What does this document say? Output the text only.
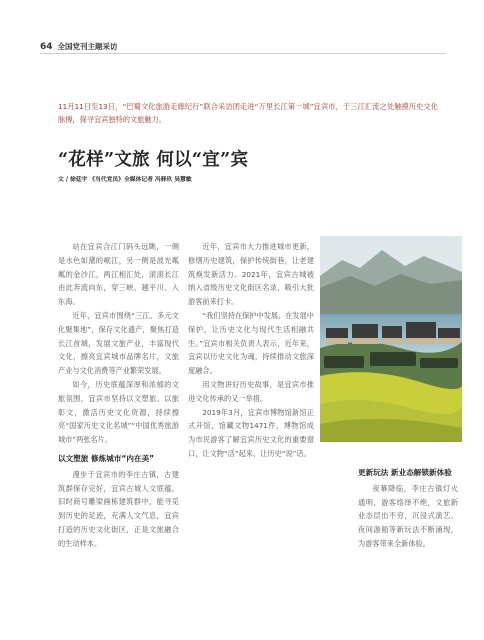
64 全国党刊主题采访
11月11日至13日，“巴蜀文化旅游走廊纪行”联合采访团走进“万里长江第一城”宜宾市，于三江汇流之处触摸历史文化脉搏，探寻宜宾独特的文旅魅力。
“花样”文旅 何以“宜”宾
文 / 徐廷宇 《当代党员》全媒体记者 冯驿玖 吴慧敏

站在宜宾合江门码头远眺，一侧是水色如黛的岷江，另一侧是波光粼粼的金沙江，两江相汇处，滚滚长江由此奔流向东，穿三峡、越平川、入东海。

近年，宜宾市围绕“三江、多元文化聚集地”，保存文化遗产，聚焦打造长江首城，发展文旅产业，丰富现代文化，擦亮宜宾城市品牌名片，文旅产业与文化消费等产业繁荣发展。

如今，历史底蕴深厚和浓郁的文旅氛围，宜宾市坚持以文塑旅、以旅彰文，激活历史文化资源，持续擦亮“国家历史文化名城”“中国优秀旅游城市”两张名片。

以文塑旅 修炼城市“内在美”

漫步于宜宾市的李庄古镇，古建筑群保存完好，宜宾古城人文底蕴，旧时商号雕梁画栋建筑群中，能寻觅到历史的足迹，充满人文气息，宜宾打造的历史文化街区，正是文旅融合的生动样本。

近年，宜宾市大力推进城市更新，修缮历史建筑，保护传统街巷，让老建筑焕发新活力。2021年，宜宾古城被纳入省级历史文化街区名录，吸引大批游客前来打卡。

“我们坚持在保护中发展、在发展中保护，让历史文化与现代生活相融共生。”宜宾市相关负责人表示，近年来，宜宾以历史文化为魂，持续推动文旅深度融合。

用文物讲好历史故事，是宜宾市推进文化传承的又一举措。

2019年3月，宜宾市博物馆新馆正式开馆，馆藏文物1471件，博物馆成为市民游客了解宜宾历史文化的重要窗口，让文物“活”起来、让历史“说”话。

更新玩法 新业态解锁新体验

夜幕降临，李庄古镇灯火通明，游客络绎不绝，文旅新业态层出不穷，沉浸式演艺、夜间游船等新玩法不断涌现，为游客带来全新体验。
